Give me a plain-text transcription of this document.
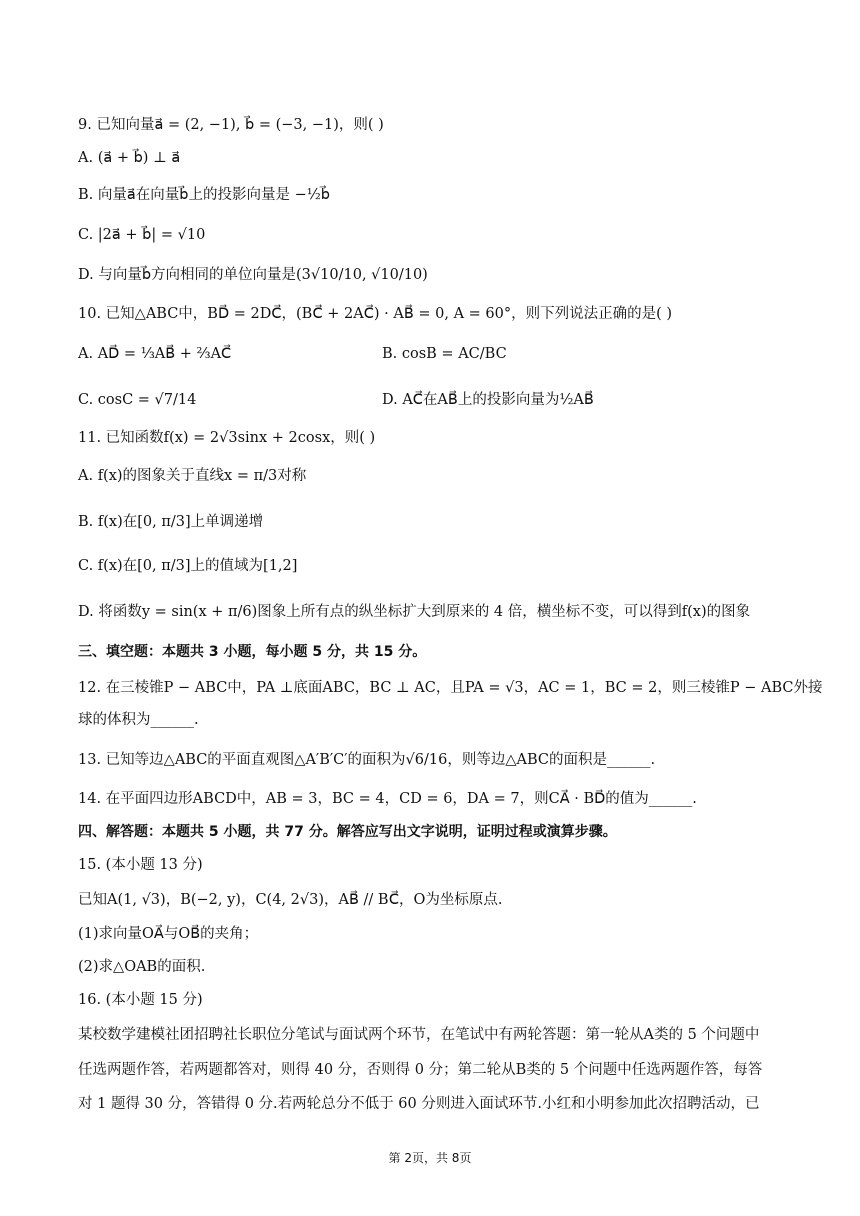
9. 已知向量a⃗ = (2, −1), b⃗ = (−3, −1)，则( )
A. (a⃗ + b⃗) ⊥ a⃗
B. 向量a⃗在向量b⃗上的投影向量是 −½b⃗
C. |2a⃗ + b⃗| = √10
D. 与向量b⃗方向相同的单位向量是(3√10/10, √10/10)
10. 已知△ABC中，BD⃗ = 2DC⃗，(BC⃗ + 2AC⃗) · AB⃗ = 0, A = 60°，则下列说法正确的是( )
A. AD⃗ = ⅓AB⃗ + ⅔AC⃗	B. cosB = AC/BC
C. cosC = √7/14	D. AC⃗在AB⃗上的投影向量为½AB⃗
11. 已知函数f(x) = 2√3sinx + 2cosx，则( )
A. f(x)的图象关于直线x = π/3对称
B. f(x)在[0, π/3]上单调递增
C. f(x)在[0, π/3]上的值域为[1,2]
D. 将函数y = sin(x + π/6)图象上所有点的纵坐标扩大到原来的 4 倍，横坐标不变，可以得到f(x)的图象
三、填空题：本题共 3 小题，每小题 5 分，共 15 分。
12. 在三棱锥P − ABC中，PA ⊥底面ABC，BC ⊥ AC，且PA = √3，AC = 1，BC = 2，则三棱锥P − ABC外接
球的体积为______.
13. 已知等边△ABC的平面直观图△A′B′C′的面积为√6/16，则等边△ABC的面积是______.
14. 在平面四边形ABCD中，AB = 3，BC = 4，CD = 6，DA = 7，则CA⃗ · BD⃗的值为______.
四、解答题：本题共 5 小题，共 77 分。解答应写出文字说明，证明过程或演算步骤。
15. (本小题 13 分)
已知A(1, √3)，B(−2, y)，C(4, 2√3)，AB⃗ // BC⃗，O为坐标原点.
(1)求向量OA⃗与OB⃗的夹角；
(2)求△OAB的面积.
16. (本小题 15 分)
某校数学建模社团招聘社长职位分笔试与面试两个环节，在笔试中有两轮答题：第一轮从A类的 5 个问题中
任选两题作答，若两题都答对，则得 40 分，否则得 0 分；第二轮从B类的 5 个问题中任选两题作答，每答
对 1 题得 30 分，答错得 0 分.若两轮总分不低于 60 分则进入面试环节.小红和小明参加此次招聘活动，已
第 2页，共 8页
